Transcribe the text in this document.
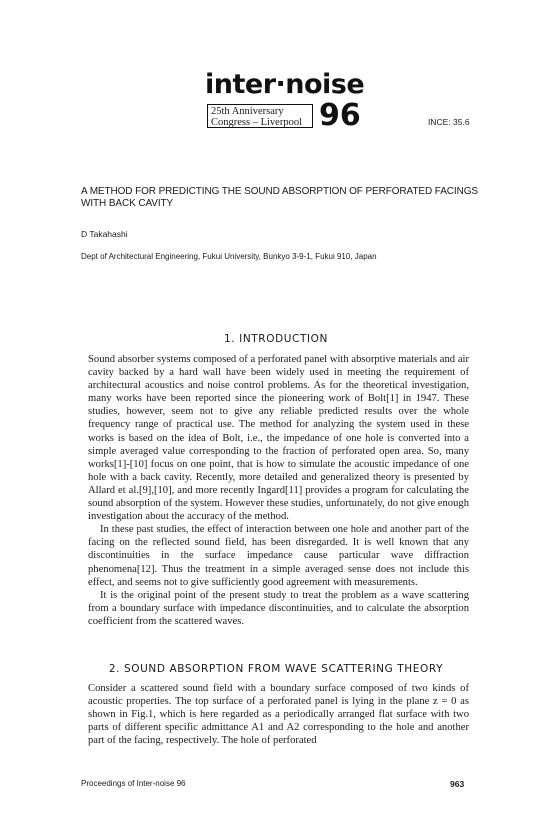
inter·noise
25th Anniversary
Congress – Liverpool 96	INCE: 35.6
A METHOD FOR PREDICTING THE SOUND ABSORPTION OF PERFORATED FACINGS WITH BACK CAVITY
D Takahashi
Dept of Architectural Engineering, Fukui University, Bunkyo 3-9-1, Fukui 910, Japan
1. INTRODUCTION

Sound absorber systems composed of a perforated panel with absorptive materials and air cavity backed by a hard wall have been widely used in meeting the requirement of architectural acoustics and noise control problems. As for the theoretical investigation, many works have been reported since the pioneering work of Bolt[1] in 1947. These studies, however, seem not to give any reliable predicted results over the whole frequency range of practical use. The method for analyzing the system used in these works is based on the idea of Bolt, i.e., the impedance of one hole is converted into a simple averaged value corresponding to the fraction of perforated open area. So, many works[1]-[10] focus on one point, that is how to simulate the acoustic impedance of one hole with a back cavity. Recently, more detailed and generalized theory is presented by Allard et al.[9],[10], and more recently Ingard[11] provides a program for calculating the sound absorption of the system. However these studies, unfortunately, do not give enough investigation about the accuracy of the method.
In these past studies, the effect of interaction between one hole and another part of the facing on the reflected sound field, has been disregarded. It is well known that any discontinuities in the surface impedance cause particular wave diffraction phenomena[12]. Thus the treatment in a simple averaged sense does not include this effect, and seems not to give sufficiently good agreement with measurements.
It is the original point of the present study to treat the problem as a wave scattering from a boundary surface with impedance discontinuities, and to calculate the absorption coefficient from the scattered waves.

2. SOUND ABSORPTION FROM WAVE SCATTERING THEORY

Consider a scattered sound field with a boundary surface composed of two kinds of acoustic properties. The top surface of a perforated panel is lying in the plane z = 0 as shown in Fig.1, which is here regarded as a periodically arranged flat surface with two parts of different specific admittance A1 and A2 corresponding to the hole and another part of the facing, respectively. The hole of perforated

Proceedings of Inter-noise 96	963
